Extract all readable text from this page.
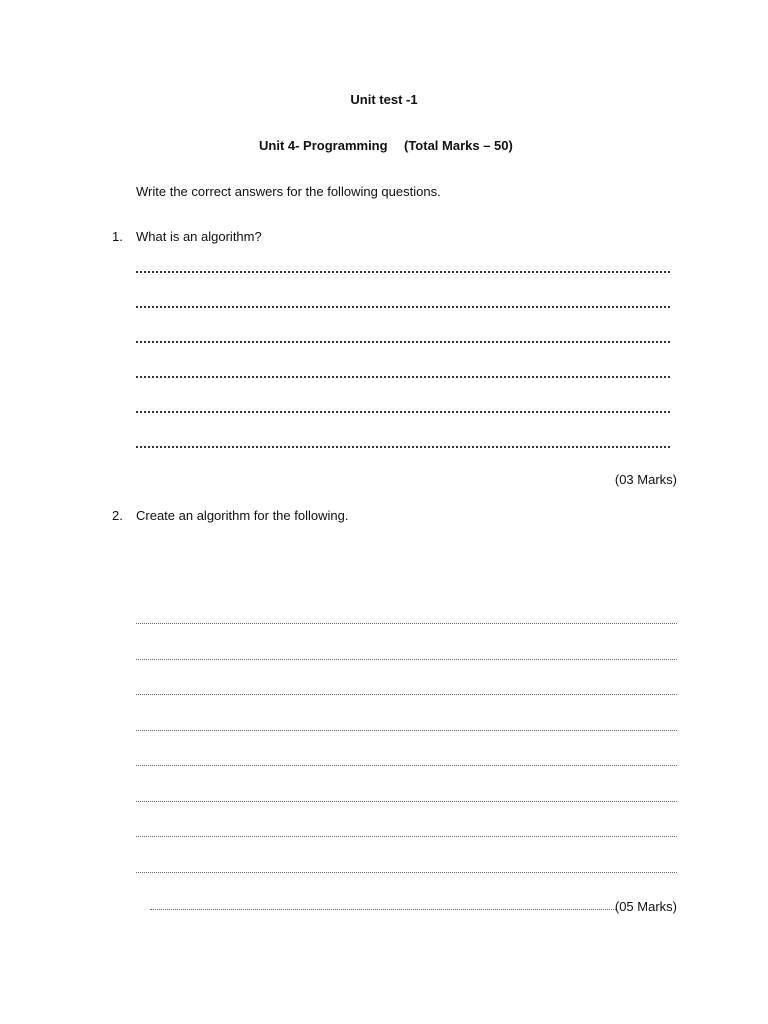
Unit test -1
Unit 4- Programming (Total Marks – 50)
Write the correct answers for the following questions.
1. What is an algorithm?
(03 Marks)
2. Create an algorithm for the following.
(05 Marks)
